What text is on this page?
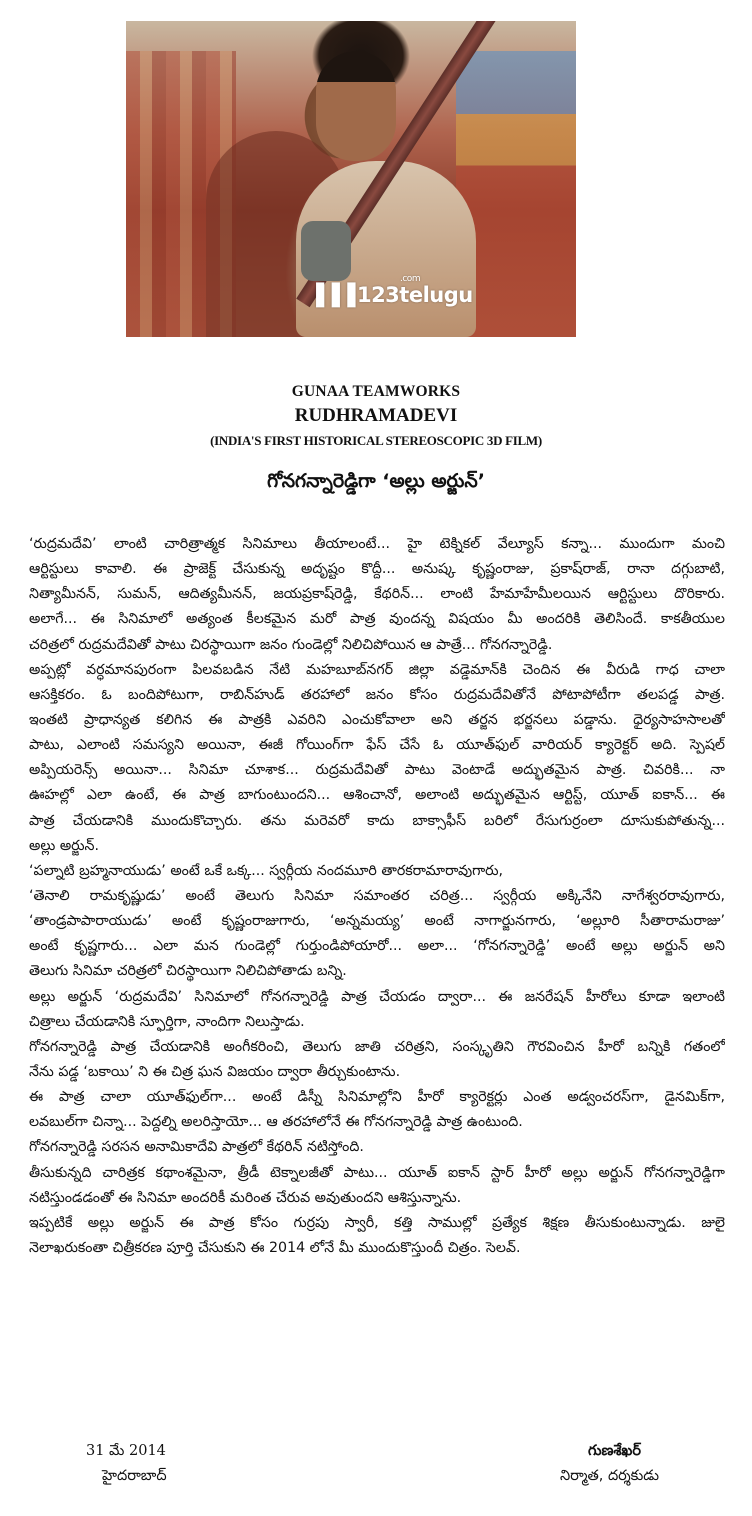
▐▐▐123telugu
.com
GUNAA TEAMWORKS
RUDHRAMADEVI
(INDIA'S FIRST HISTORICAL STEREOSCOPIC 3D FILM)
గోనగన్నారెడ్డిగా ‘అల్లు అర్జున్’
‘రుద్రమదేవి’ లాంటి చారిత్రాత్మక సినిమాలు తీయాలంటే... హై టెక్నికల్ వేల్యూస్ కన్నా... ముందుగా మంచి
ఆర్టిస్టులు కావాలి. ఈ ప్రాజెక్ట్ చేసుకున్న అదృష్టం కొద్దీ... అనుష్క కృష్ణంరాజు, ప్రకాష్‌రాజ్, రానా దగ్గుబాటి,
నిత్యామీనన్, సుమన్, ఆదిత్యమీనన్, జయప్రకాష్‌రెడ్డి, కేథరిన్... లాంటి హేమాహేమీలయిన ఆర్టిస్టులు దొరికారు.
అలాగే... ఈ సినిమాలో అత్యంత కీలకమైన మరో పాత్ర వుందన్న విషయం మీ అందరికి తెలిసిందే. కాకతీయుల
చరిత్రలో రుద్రమదేవితో పాటు చిరస్థాయిగా జనం గుండెల్లో నిలిచిపోయిన ఆ పాత్రే... గోనగన్నారెడ్డి.
అప్పట్లో వర్ధమానపురంగా పిలవబడిన నేటి మహబూబ్‌నగర్ జిల్లా వడ్డెమాన్‌కి చెందిన ఈ వీరుడి గాధ చాలా
ఆసక్తికరం. ఓ బందిపోటుగా, రాబిన్‌హుడ్ తరహాలో జనం కోసం రుద్రమదేవితోనే పోటాపోటీగా తలపడ్డ పాత్ర.
ఇంతటి ప్రాధాన్యత కలిగిన ఈ పాత్రకి ఎవరిని ఎంచుకోవాలా అని తర్జన భర్జనలు పడ్డాను. ధైర్యసాహసాలతో
పాటు, ఎలాంటి సమస్యని అయినా, ఈజీ గోయింగ్‌గా ఫేస్ చేసే ఓ యూత్‌ఫుల్ వారియర్ క్యారెక్టర్ అది. స్పెషల్
అప్పియరెన్స్ అయినా... సినిమా చూశాక... రుద్రమదేవితో పాటు వెంటాడే అద్భుతమైన పాత్ర. చివరికి... నా
ఊహల్లో ఎలా ఉంటే, ఈ పాత్ర బాగుంటుందని... ఆశించానో, అలాంటి అద్భుతమైన ఆర్టిస్ట్, యూత్ ఐకాన్... ఈ
పాత్ర చేయడానికి ముందుకొచ్చారు. తను మరెవరో కాదు బాక్సాఫీస్ బరిలో రేసుగుర్రంలా దూసుకుపోతున్న...
అల్లు అర్జున్.
‘పల్నాటి బ్రహ్మనాయుడు’ అంటే ఒకే ఒక్క... స్వర్గీయ నందమూరి తారకరామారావుగారు,
‘తెనాలి రామకృష్ణుడు’ అంటే తెలుగు సినిమా సమాంతర చరిత్ర... స్వర్గీయ అక్కినేని నాగేశ్వరరావుగారు,
‘తాండ్రపాపారాయుడు’ అంటే కృష్ణంరాజుగారు, ‘అన్నమయ్య’ అంటే నాగార్జునగారు, ‘అల్లూరి సీతారామరాజు’
అంటే కృష్ణగారు... ఎలా మన గుండెల్లో గుర్తుండిపోయారో... అలా... ‘గోనగన్నారెడ్డి’ అంటే అల్లు అర్జున్ అని
తెలుగు సినిమా చరిత్రలో చిరస్థాయిగా నిలిచిపోతాడు బన్ని.
అల్లు అర్జున్ ‘రుద్రమదేవి’ సినిమాలో గోనగన్నారెడ్డి పాత్ర చేయడం ద్వారా... ఈ జనరేషన్ హీరోలు కూడా ఇలాంటి
చిత్రాలు చేయడానికి స్ఫూర్తిగా, నాందిగా నిలుస్తాడు.
గోనగన్నారెడ్డి పాత్ర చేయడానికి అంగీకరించి, తెలుగు జాతి చరిత్రని, సంస్కృతిని గౌరవించిన హీరో బన్నికి గతంలో
నేను పడ్డ ‘బకాయి’ ని ఈ చిత్ర ఘన విజయం ద్వారా తీర్చుకుంటాను.
ఈ పాత్ర చాలా యూత్‌ఫుల్‌గా... అంటే డిస్నీ సినిమాల్లోని హీరో క్యారెక్టర్లు ఎంత అడ్వంచరస్‌గా, డైనమిక్‌గా,
లవబుల్‌గా చిన్నా... పెద్దల్ని అలరిస్తాయో... ఆ తరహాలోనే ఈ గోనగన్నారెడ్డి పాత్ర ఉంటుంది.
గోనగన్నారెడ్డి సరసన అనామికాదేవి పాత్రలో కేథరిన్ నటిస్తోంది.
తీసుకున్నది చారిత్రక కథాంశమైనా, త్రీడీ టెక్నాలజీతో పాటు... యూత్ ఐకాన్ స్టార్ హీరో అల్లు అర్జున్ గోనగన్నారెడ్డిగా
నటిస్తుండడంతో ఈ సినిమా అందరికీ మరింత చేరువ అవుతుందని ఆశిస్తున్నాను.
ఇప్పటికే అల్లు అర్జున్ ఈ పాత్ర కోసం గుర్రపు స్వారీ, కత్తి సాముల్లో ప్రత్యేక శిక్షణ తీసుకుంటున్నాడు. జులై
నెలాఖరుకంతా చిత్రీకరణ పూర్తి చేసుకుని ఈ 2014 లోనే మీ ముందుకొస్తుందీ చిత్రం. సెలవ్.
31 మే 2014
హైదరాబాద్
గుణశేఖర్
నిర్మాత, దర్శకుడు
